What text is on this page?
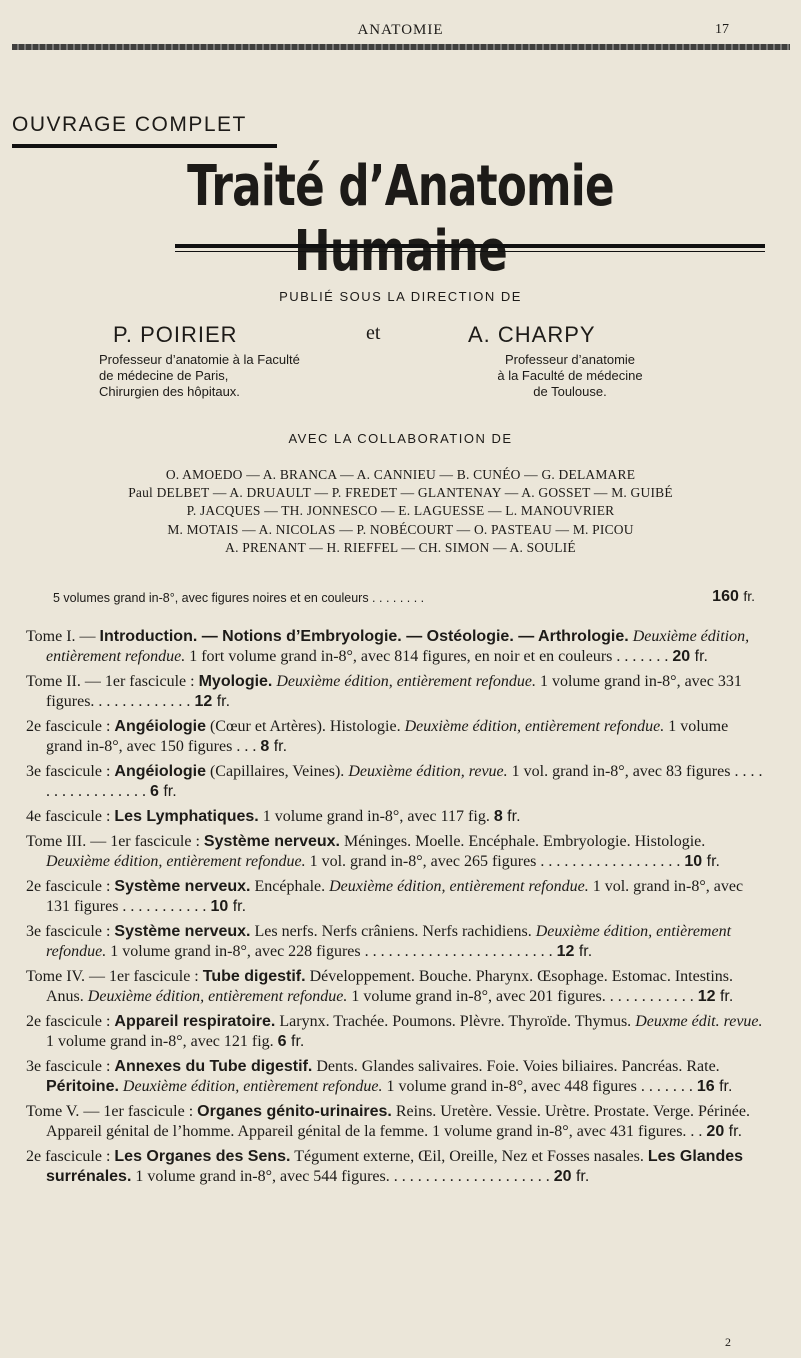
ANATOMIE	17
OUVRAGE COMPLET
Traité d’Anatomie
PUBLIÉ SOUS LA DIRECTION DE
P. POIRIER	et	A. CHARPY
Professeur d’anatomie à la Faculté
de médecine de Paris,
Chirurgien des hôpitaux.
Professeur d’anatomie
à la Faculté de médecine
de Toulouse.
AVEC LA COLLABORATION DE
O. AMOEDO — A. BRANCA — A. CANNIEU — B. CUNÉO — G. DELAMARE
Paul DELBET — A. DRUAULT — P. FREDET — GLANTENAY — A. GOSSET — M. GUIBÉ
P. JACQUES — TH. JONNESCO — E. LAGUESSE — L. MANOUVRIER
M. MOTAIS — A. NICOLAS — P. NOBÉCOURT — O. PASTEAU — M. PICOU
A. PRENANT — H. RIEFFEL — CH. SIMON — A. SOULIÉ
5 volumes grand in-8°, avec figures noires et en couleurs . . . . . . . .	160 fr.
Tome I. — Introduction. — Notions d’Embryologie. — Ostéologie. — Arthrologie. Deuxième édition, entièrement refondue. 1 fort volume grand in-8°, avec 814 figures, en noir et en couleurs . . . . . . . 20 fr.
Tome II. — 1er fascicule : Myologie. Deuxième édition, entièrement refondue. 1 volume grand in-8°, avec 331 figures. . . . . . . . . . . . . 12 fr.
2e fascicule : Angéiologie (Cœur et Artères). Histologie. Deuxième édition, entièrement refondue. 1 volume grand in-8°, avec 150 figures . . . 8 fr.
3e fascicule : Angéiologie (Capillaires, Veines). Deuxième édition, revue. 1 vol. grand in-8°, avec 83 figures . . . . . . . . . . . . . . . . . 6 fr.
4e fascicule : Les Lymphatiques. 1 volume grand in-8°, avec 117 fig. 8 fr.
Tome III. — 1er fascicule : Système nerveux. Méninges. Moelle. Encéphale. Embryologie. Histologie. Deuxième édition, entièrement refondue. 1 vol. grand in-8°, avec 265 figures . . . . . . . . . . . . . . . . . . 10 fr.
2e fascicule : Système nerveux. Encéphale. Deuxième édition, entièrement refondue. 1 vol. grand in-8°, avec 131 figures . . . . . . . . . . . 10 fr.
3e fascicule : Système nerveux. Les nerfs. Nerfs crâniens. Nerfs rachidiens. Deuxième édition, entièrement refondue. 1 volume grand in-8°, avec 228 figures . . . . . . . . . . . . . . . . . . . . . . . . 12 fr.
Tome IV. — 1er fascicule : Tube digestif. Développement. Bouche. Pharynx. Œsophage. Estomac. Intestins. Anus. Deuxième édition, entièrement refondue. 1 volume grand in-8°, avec 201 figures. . . . . . . . . . . . 12 fr.
2e fascicule : Appareil respiratoire. Larynx. Trachée. Poumons. Plèvre. Thyroïde. Thymus. Deuxme édit. revue. 1 volume grand in-8°, avec 121 fig. 6 fr.
3e fascicule : Annexes du Tube digestif. Dents. Glandes salivaires. Foie. Voies biliaires. Pancréas. Rate. Péritoine. Deuxième édition, entièrement refondue. 1 volume grand in-8°, avec 448 figures . . . . . . . 16 fr.
Tome V. — 1er fascicule : Organes génito-urinaires. Reins. Uretère. Vessie. Urètre. Prostate. Verge. Périnée. Appareil génital de l’homme. Appareil génital de la femme. 1 volume grand in-8°, avec 431 figures. . . 20 fr.
2e fascicule : Les Organes des Sens. Tégument externe, Œil, Oreille, Nez et Fosses nasales. Les Glandes surrénales. 1 volume grand in-8°, avec 544 figures. . . . . . . . . . . . . . . . . . . . . 20 fr.
2
